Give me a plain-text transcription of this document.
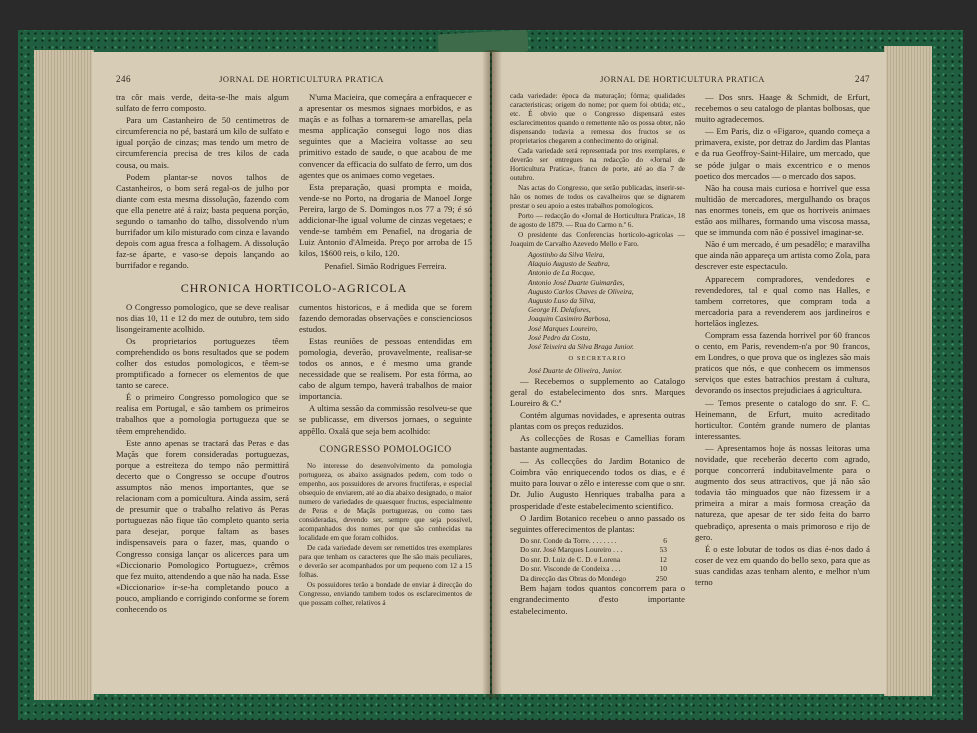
246	JORNAL DE HORTICULTURA PRATICA

tra côr mais verde, deita-se-lhe mais algum sulfato de ferro composto.

Para um Castanheiro de 50 centimetros de circumferencia no pé, bastará um kilo de sulfato e igual porção de cinzas; mas tendo um metro de circumferencia precisa de tres kilos de cada cousa, ou mais.

Podem plantar-se novos talhos de Castanheiros, o bom será regal-os de julho por diante com esta mesma dissolução, fazendo com que ella penetre até á raiz; basta pequena porção, segundo o tamanho do talho, dissolvendo n'um burrifador um kilo misturado com cinza e lavando depois com agua fresca a folhagem. A dissolução faz-se áparte, e vaso-se depois lançando ao burrifador e regando.

N'uma Macieira, que começára a enfraquecer e a apresentar os mesmos signaes morbidos, e as maçãs e as folhas a tornarem-se amarellas, pela mesma applicação consegui logo nos dias seguintes que a Macieira voltasse ao seu primitivo estado de saude, o que acabou de me convencer da efficacia do sulfato de ferro, um dos agentes que os animaes como vegetaes.

Esta preparação, quasi prompta e moida, vende-se no Porto, na drogaria de Manoel Jorge Pereira, largo de S. Domingos n.os 77 a 79; é só addicionar-lhe igual volume de cinzas vegetaes; e vende-se também em Penafiel, na drogaria de Luiz Antonio d'Almeida. Preço por arroba de 15 kilos, 1$600 reis, o kilo, 120.

Penafiel. Simão Rodrigues Ferreira.
CHRONICA HORTICOLO-AGRICOLA

O Congresso pomologico, que se deve realisar nos dias 10, 11 e 12 do mez de outubro, tem sido lisongeiramente acolhido.

Os proprietarios portuguezes têem comprehendido os bons resultados que se podem colher dos estudos pomologicos, e têem-se promptificado a fornecer os elementos de que tanto se carece.

É o primeiro Congresso pomologico que se realisa em Portugal, e são tambem os primeiros trabalhos que a pomologia portugueza que se têem emprehendido.

Este anno apenas se tractará das Peras e das Maçãs que forem consideradas portuguezas, porque a estreiteza do tempo não permittirá decerto que o Congresso se occupe d'outros assumptos não menos importantes, que se relacionam com a pomicultura. Ainda assim, será de presumir que o trabalho relativo ás Peras portuguezas não fique tão completo quanto seria para desejar, porque faltam as bases indispensaveis para o fazer, mas, quando o Congresso consiga lançar os alicerces para um «Diccionario Pomologico Portuguez», crêmos que fez muito, attendendo a que não ha nada. Esse «Diccionario» ir-se-ha completando pouco a pouco, ampliando e corrigindo conforme se forem conhecendo os

cumentos historicos, e á medida que se forem fazendo demoradas observações e conscienciosos estudos.

Estas reuniões de pessoas entendidas em pomologia, deverão, provavelmente, realisar-se todos os annos, e é mesmo uma grande necessidade que se realisem. Por esta fórma, ao cabo de algum tempo, haverá trabalhos de maior importancia.

A ultima sessão da commissão resolveu-se que se publicasse, em diversos jornaes, o seguinte appêllo. Oxalá que seja bem acolhido:

CONGRESSO POMOLOGICO

No interesse do desenvolvimento da pomologia portugueza, os abaixo assignados pedem, com todo o empenho, aos possuidores de arvores fructiferas, e especial obsequio de enviarem, até ao dia abaixo designado, o maior numero de variedades de quaesquer fructos, especialmente de Peras e de Maçãs portuguezas, ou como taes consideradas, devendo ser, sempre que seja possivel, acompanhados dos nomes por que são conhecidas na localidade em que foram colhidos.

De cada variedade devem ser remettidos tres exemplares para que tenham os caracteres que lhe são mais peculiares, e deverão ser acompanhados por um pequeno com 12 a 15 folhas.

Os possuidores terão a bondade de enviar á direcção do Congresso, enviando tambem todos os esclarecimentos de que possam colher, relativos á

JORNAL DE HORTICULTURA PRATICA	247

cada variedade: época da maturação; fórma; qualidades caracteristicas; origem do nome; por quem foi obtida; etc., etc. É obvio que o Congresso dispensará estes esclarecimentos quando o remettente não os possa obter, não dispensando todavia a remessa dos fructos se os proprietarios chegarem a conhecimento do original.

Cada variedade será representada por tres exemplares, e deverão ser entregues na redacção do «Jornal de Horticultura Pratica», franco de porte, até ao dia 7 de outubro.

Nas actas do Congresso, que serão publicadas, inserir-se-hão os nomes de todos os cavalheiros que se dignarem prestar o seu apoio a estes trabalhos pomologicos.

Porto — redacção do «Jornal de Horticultura Pratica», 18 de agosto de 1879. — Rua do Carmo n.º 6.

O presidente das Conferencias horticolo-agricolas — Joaquim de Carvalho Azevedo Mello e Faro.

Agostinho da Silva Vieira,
Alaquio Augusto de Seabra,
Antonio de La Rocque,
Antonio José Duarte Guimarães,
Augusto Carlos Chaves de Oliveira,
Augusto Luso da Silva,
George H. Delafores,
Joaquim Casimiro Barbosa,
José Marques Loureiro,
José Pedro da Costa,
José Teixeira da Silva Braga Junior.
O SECRETARIO
José Duarte de Oliveira, Junior.

— Recebemos o supplemento ao Catalogo geral do estabelecimento dos snrs. Marques Loureiro & C.ª

Contém algumas novidades, e apresenta outras plantas com os preços reduzidos.

As collecções de Rosas e Camellias foram bastante augmentadas.

— As collecções do Jardim Botanico de Coimbra vão enriquecendo todos os dias, e é muito para louvar o zêlo e interesse com que o snr. Dr. Julio Augusto Henriques trabalha para a prosperidade d'este estabelecimento scientifico.

O Jardim Botanico recebeu o anno passado os seguintes offerecimentos de plantas:

Do snr. Conde da Torre. . . . . . . .	6
Do snr. José Marques Loureiro . . .	53
Do snr. D. Luiz de C. D. e Lorena	12
Do snr. Visconde de Condeixa . . .	10
Da direcção das Obras do Mondego	250

Bem hajam todos quantos concorrem para o engrandecimento d'esto importante estabelecimento.

— Dos snrs. Haage & Schmidt, de Erfurt, recebemos o seu catalogo de plantas bolbosas, que muito agradecemos.

— Em Paris, diz o «Figaro», quando começa a primavera, existe, por detraz do Jardim das Plantas e da rua Geoffroy-Saint-Hilaire, um mercado, que se póde julgar o mais excentrico e o menos poetico dos mercados — o mercado dos sapos.

Não ha cousa mais curiosa e horrivel que essa multidão de mercadores, mergulhando os braços nas enormes toneis, em que os horriveis animaes estão aos milhares, formando uma viscosa massa, que se immunda com não é possivel imaginar-se.

Não é um mercado, é um pesadêlo; e maravilha que ainda não appareça um artista como Zola, para descrever este espectaculo.

Apparecem compradores, vendedores e revendedores, tal e qual como nas Halles, e tambem corretores, que compram toda a mercadoria para a revenderem aos jardineiros e hortelãos inglezes.

Compram essa fazenda horrivel por 60 francos o cento, em Paris, revendem-n'a por 90 francos, em Londres, o que prova que os inglezes são mais praticos que nós, e que conhecem os immensos serviços que estes batrachios prestam á cultura, devorando os insectos prejudiciaes á agricultura.

— Temos presente o catalogo do snr. F. C. Heinemann, de Erfurt, muito acreditado horticultor. Contém grande numero de plantas interessantes.

— Apresentamos hoje ás nossas leitoras uma novidade, que receberão decerto com agrado, porque concorrerá indubitavelmente para o augmento dos seus attractivos, que já não são todavia tão minguados que não fizessem ir a primeira a mirar a mais formosa creação da natureza, que apesar de ter sido feita do barro quebradiço, apresenta o mais primoroso e rijo de gero.

É o este lobutar de todos os dias é-nos dado á coser de vez em quando do bello sexo, para que as suas candidas azas tenham alento, e melhor n'um terno
